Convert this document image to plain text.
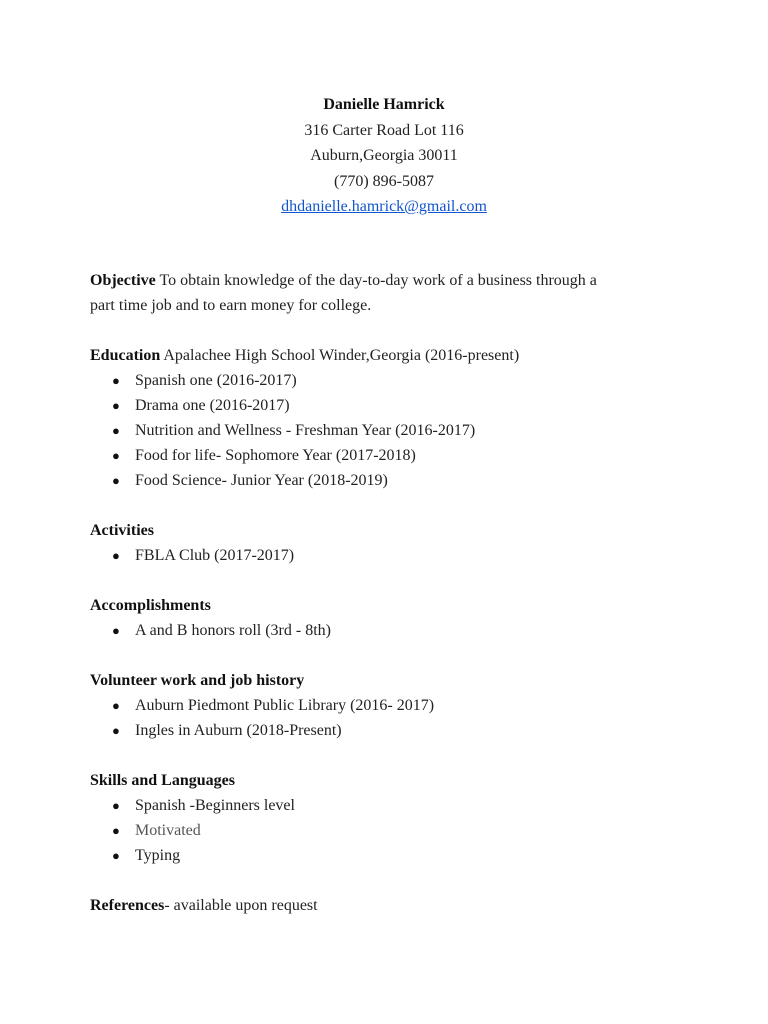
Danielle Hamrick
316 Carter Road Lot 116
Auburn,Georgia 30011
(770) 896-5087
dhdanielle.hamrick@gmail.com
Objective To obtain knowledge of the day-to-day work of a business through a
part time job and to earn money for college.
Education Apalachee High School Winder,Georgia (2016-present)
● Spanish one (2016-2017)
● Drama one (2016-2017)
● Nutrition and Wellness - Freshman Year (2016-2017)
● Food for life- Sophomore Year (2017-2018)
● Food Science- Junior Year (2018-2019)
Activities
● FBLA Club (2017-2017)
Accomplishments
● A and B honors roll (3rd - 8th)
Volunteer work and job history
● Auburn Piedmont Public Library (2016- 2017)
● Ingles in Auburn (2018-Present)
Skills and Languages
● Spanish -Beginners level
● Motivated
● Typing
References- available upon request
